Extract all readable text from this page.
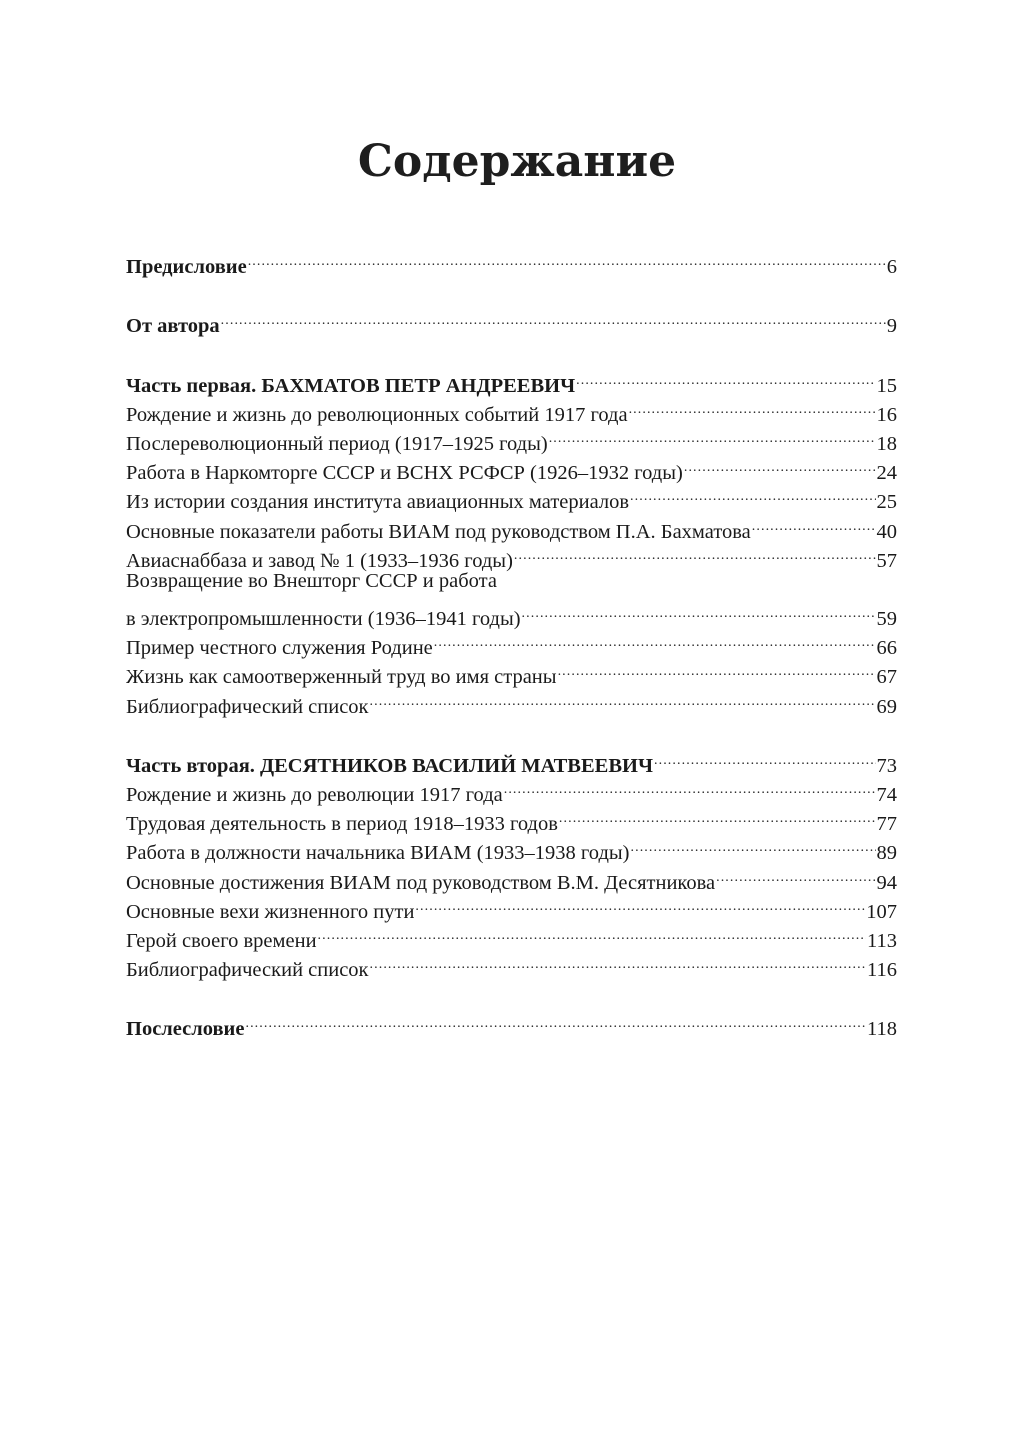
Содержание
Предисловие .....	6
От автора .....	9
Часть первая. БАХМАТОВ ПЕТР АНДРЕЕВИЧ .....	15
Рождение и жизнь до революционных событий 1917 года .....	16
Послереволюционный период (1917–1925 годы) .....	18
Работа в Наркомторге СССР и ВСНХ РСФСР (1926–1932 годы) .....	24
Из истории создания института авиационных материалов .....	25
Основные показатели работы ВИАМ под руководством П.А. Бахматова .....	40
Авиаснаббаза и завод № 1 (1933–1936 годы) .....	57
Возвращение во Внешторг СССР и работа
в электропромышленности (1936–1941 годы) .....	59
Пример честного служения Родине .....	66
Жизнь как самоотверженный труд во имя страны .....	67
Библиографический список .....	69
Часть вторая. ДЕСЯТНИКОВ ВАСИЛИЙ МАТВЕЕВИЧ .....	73
Рождение и жизнь до революции 1917 года .....	74
Трудовая деятельность в период 1918–1933 годов .....	77
Работа в должности начальника ВИАМ (1933–1938 годы) .....	89
Основные достижения ВИАМ под руководством В.М. Десятникова .....	94
Основные вехи жизненного пути .....	107
Герой своего времени .....	113
Библиографический список .....	116
Послесловие .....	118
